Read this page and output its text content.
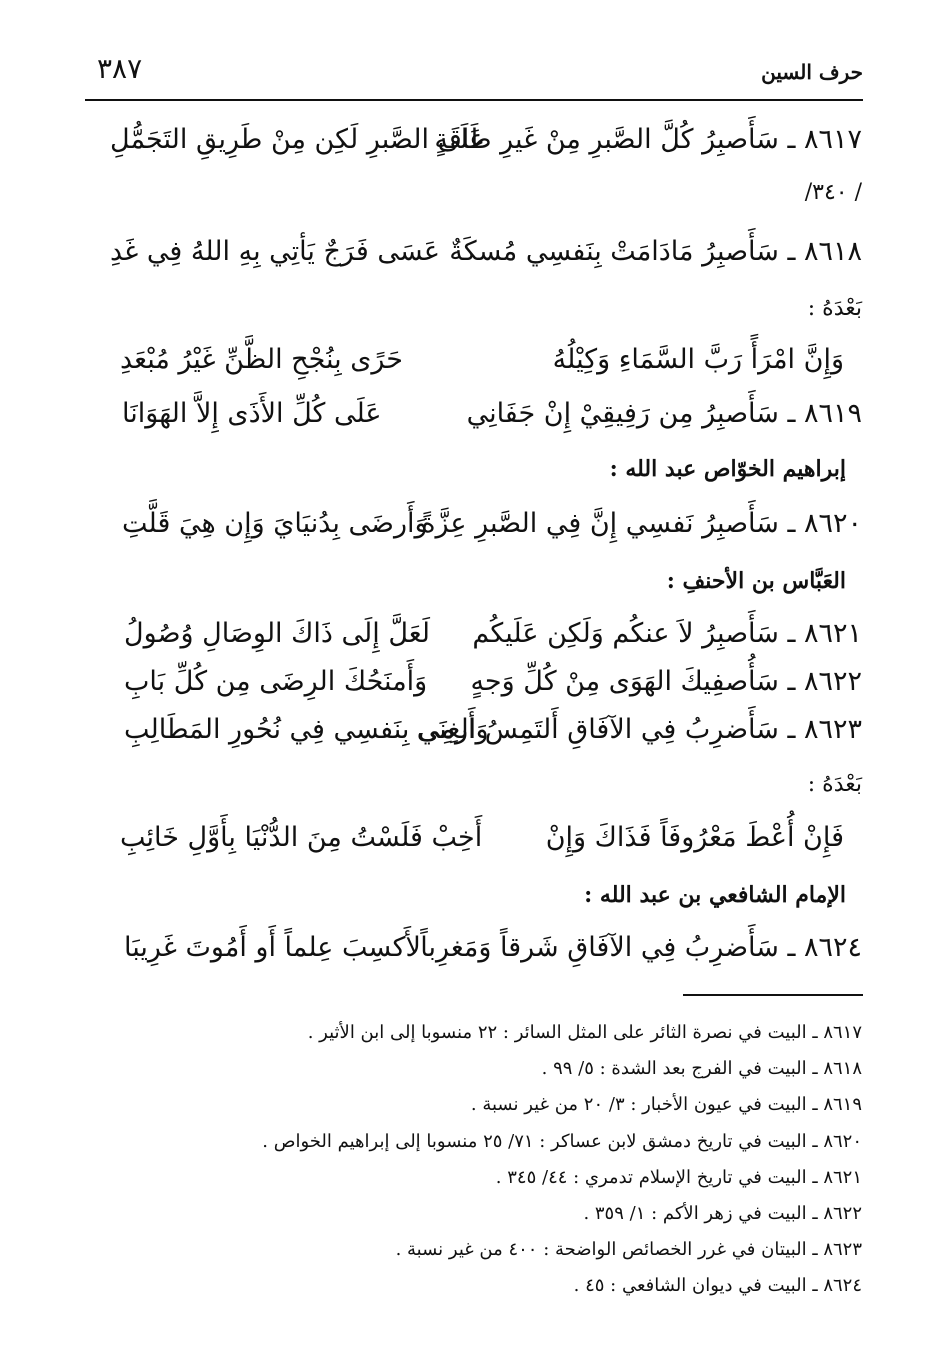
حرف السين
٣٨٧
٨٦١٧ ـ سَأَصبِرُ كُلَّ الصَّبرِ مِنْ غَيرِ طَاقَةٍ
عَلَى الصَّبرِ لَكِن مِنْ طَرِيقِ التَجَمُّلِ
/ ٣٤٠/
٨٦١٨ ـ سَأَصبِرُ مَادَامَتْ بِنَفسِي مُسكَةٌ
عَسَى فَرَجٌ يَأتِي بِهِ اللهُ فِي غَدِ
بَعْدَهُ :
وَإِنَّ امْرَأً رَبَّ السَّمَاءِ وَكِيْلُهُ
حَرًى بِنُجْحِ الظَّنِّ غَيْرُ مُبْعَدِ
٨٦١٩ ـ سَأَصبِرُ مِن رَفِيقِيْ إِنْ جَفَانِي
عَلَى كُلِّ الأَذَى إِلاَّ الهَوَانَا
إبراهيم الخوّاص عبد الله :
٨٦٢٠ ـ سَأَصبِرُ نَفسِي إِنَّ فِي الصَّبرِ عِزَّةً
وَأَرضَى بِدُنيَايَ وَإِن هِيَ قَلَّتِ
العَبَّاس بن الأحنفِ :
٨٦٢١ ـ سَأَصبِرُ لاَ عنكُم وَلَكِن عَلَيكُم
لَعَلَّ إِلَى ذَاكَ الوِصَالِ وُصُولُ
٨٦٢٢ ـ سَأُصفِيكَ الهَوَى مِنْ كُلِّ وَجهٍ
وَأَمنَحُكَ الرِضَى مِن كُلِّ بَابِ
٨٦٢٣ ـ سَأَضرِبُ فِي الآفَاقِ أَلتَمِسُ الغِنَى
وَأَرمِي بِنَفسِي فِي نُحُورِ المَطَالِبِ
بَعْدَهُ :
فَإِنْ أُعْطَ مَعْرُوفَاً فَذَاكَ وَإِنْ
أَخِبْ فَلَسْتُ مِنَ الدُّنْيَا بِأَوَّلِ خَائِبِ
الإمام الشافعي بن عبد الله :
٨٦٢٤ ـ سَأَضرِبُ فِي الآفَاقِ شَرقاً وَمَغرِباً
لأَكسِبَ عِلماً أَو أَمُوتَ غَرِيبَا
٨٦١٧ ـ البيت في نصرة الثائر على المثل السائر : ٢٢ منسوبا إلى ابن الأثير .
٨٦١٨ ـ البيت في الفرج بعد الشدة : ٥/ ٩٩ .
٨٦١٩ ـ البيت في عيون الأخبار : ٣/ ٢٠ من غير نسبة .
٨٦٢٠ ـ البيت في تاريخ دمشق لابن عساكر : ٧١/ ٢٥ منسوبا إلى إبراهيم الخواص .
٨٦٢١ ـ البيت في تاريخ الإسلام تدمري : ٤٤/ ٣٤٥ .
٨٦٢٢ ـ البيت في زهر الأكم : ١/ ٣٥٩ .
٨٦٢٣ ـ البيتان في غرر الخصائص الواضحة : ٤٠٠ من غير نسبة .
٨٦٢٤ ـ البيت في ديوان الشافعي : ٤٥ .
